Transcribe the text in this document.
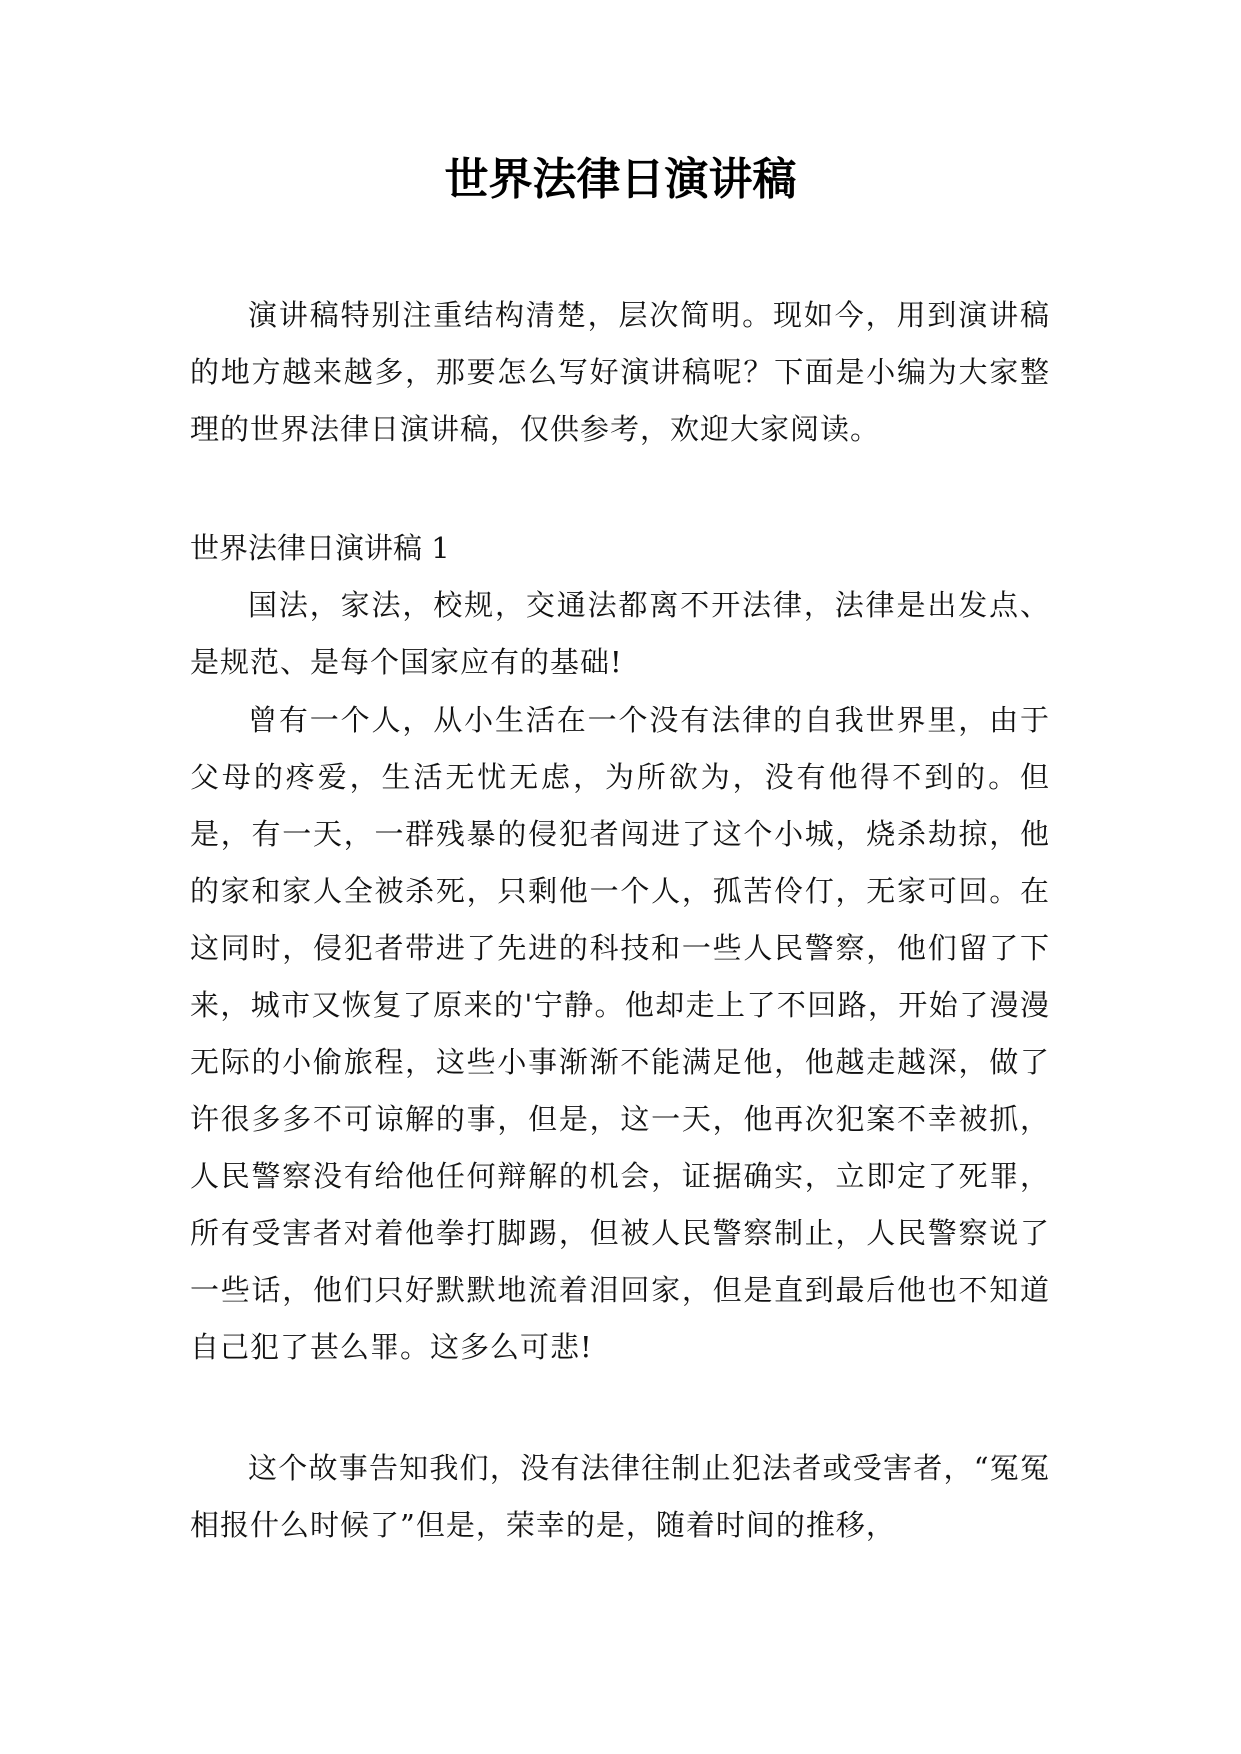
世界法律日演讲稿

演讲稿特别注重结构清楚，层次简明。现如今，用到演讲稿的地方越来越多，那要怎么写好演讲稿呢？下面是小编为大家整理的世界法律日演讲稿，仅供参考，欢迎大家阅读。

世界法律日演讲稿 1

国法，家法，校规，交通法都离不开法律，法律是出发点、是规范、是每个国家应有的基础!

曾有一个人，从小生活在一个没有法律的自我世界里，由于父母的疼爱，生活无忧无虑，为所欲为，没有他得不到的。但是，有一天，一群残暴的侵犯者闯进了这个小城，烧杀劫掠，他的家和家人全被杀死，只剩他一个人，孤苦伶仃，无家可回。在这同时，侵犯者带进了先进的科技和一些人民警察，他们留了下来，城市又恢复了原来的'宁静。他却走上了不回路，开始了漫漫无际的小偷旅程，这些小事渐渐不能满足他，他越走越深，做了许很多多不可谅解的事，但是，这一天，他再次犯案不幸被抓，人民警察没有给他任何辩解的机会，证据确实，立即定了死罪，所有受害者对着他拳打脚踢，但被人民警察制止，人民警察说了一些话，他们只好默默地流着泪回家，但是直到最后他也不知道自己犯了甚么罪。这多么可悲!

这个故事告知我们，没有法律往制止犯法者或受害者，“冤冤相报什么时候了”但是，荣幸的是，随着时间的推移，
